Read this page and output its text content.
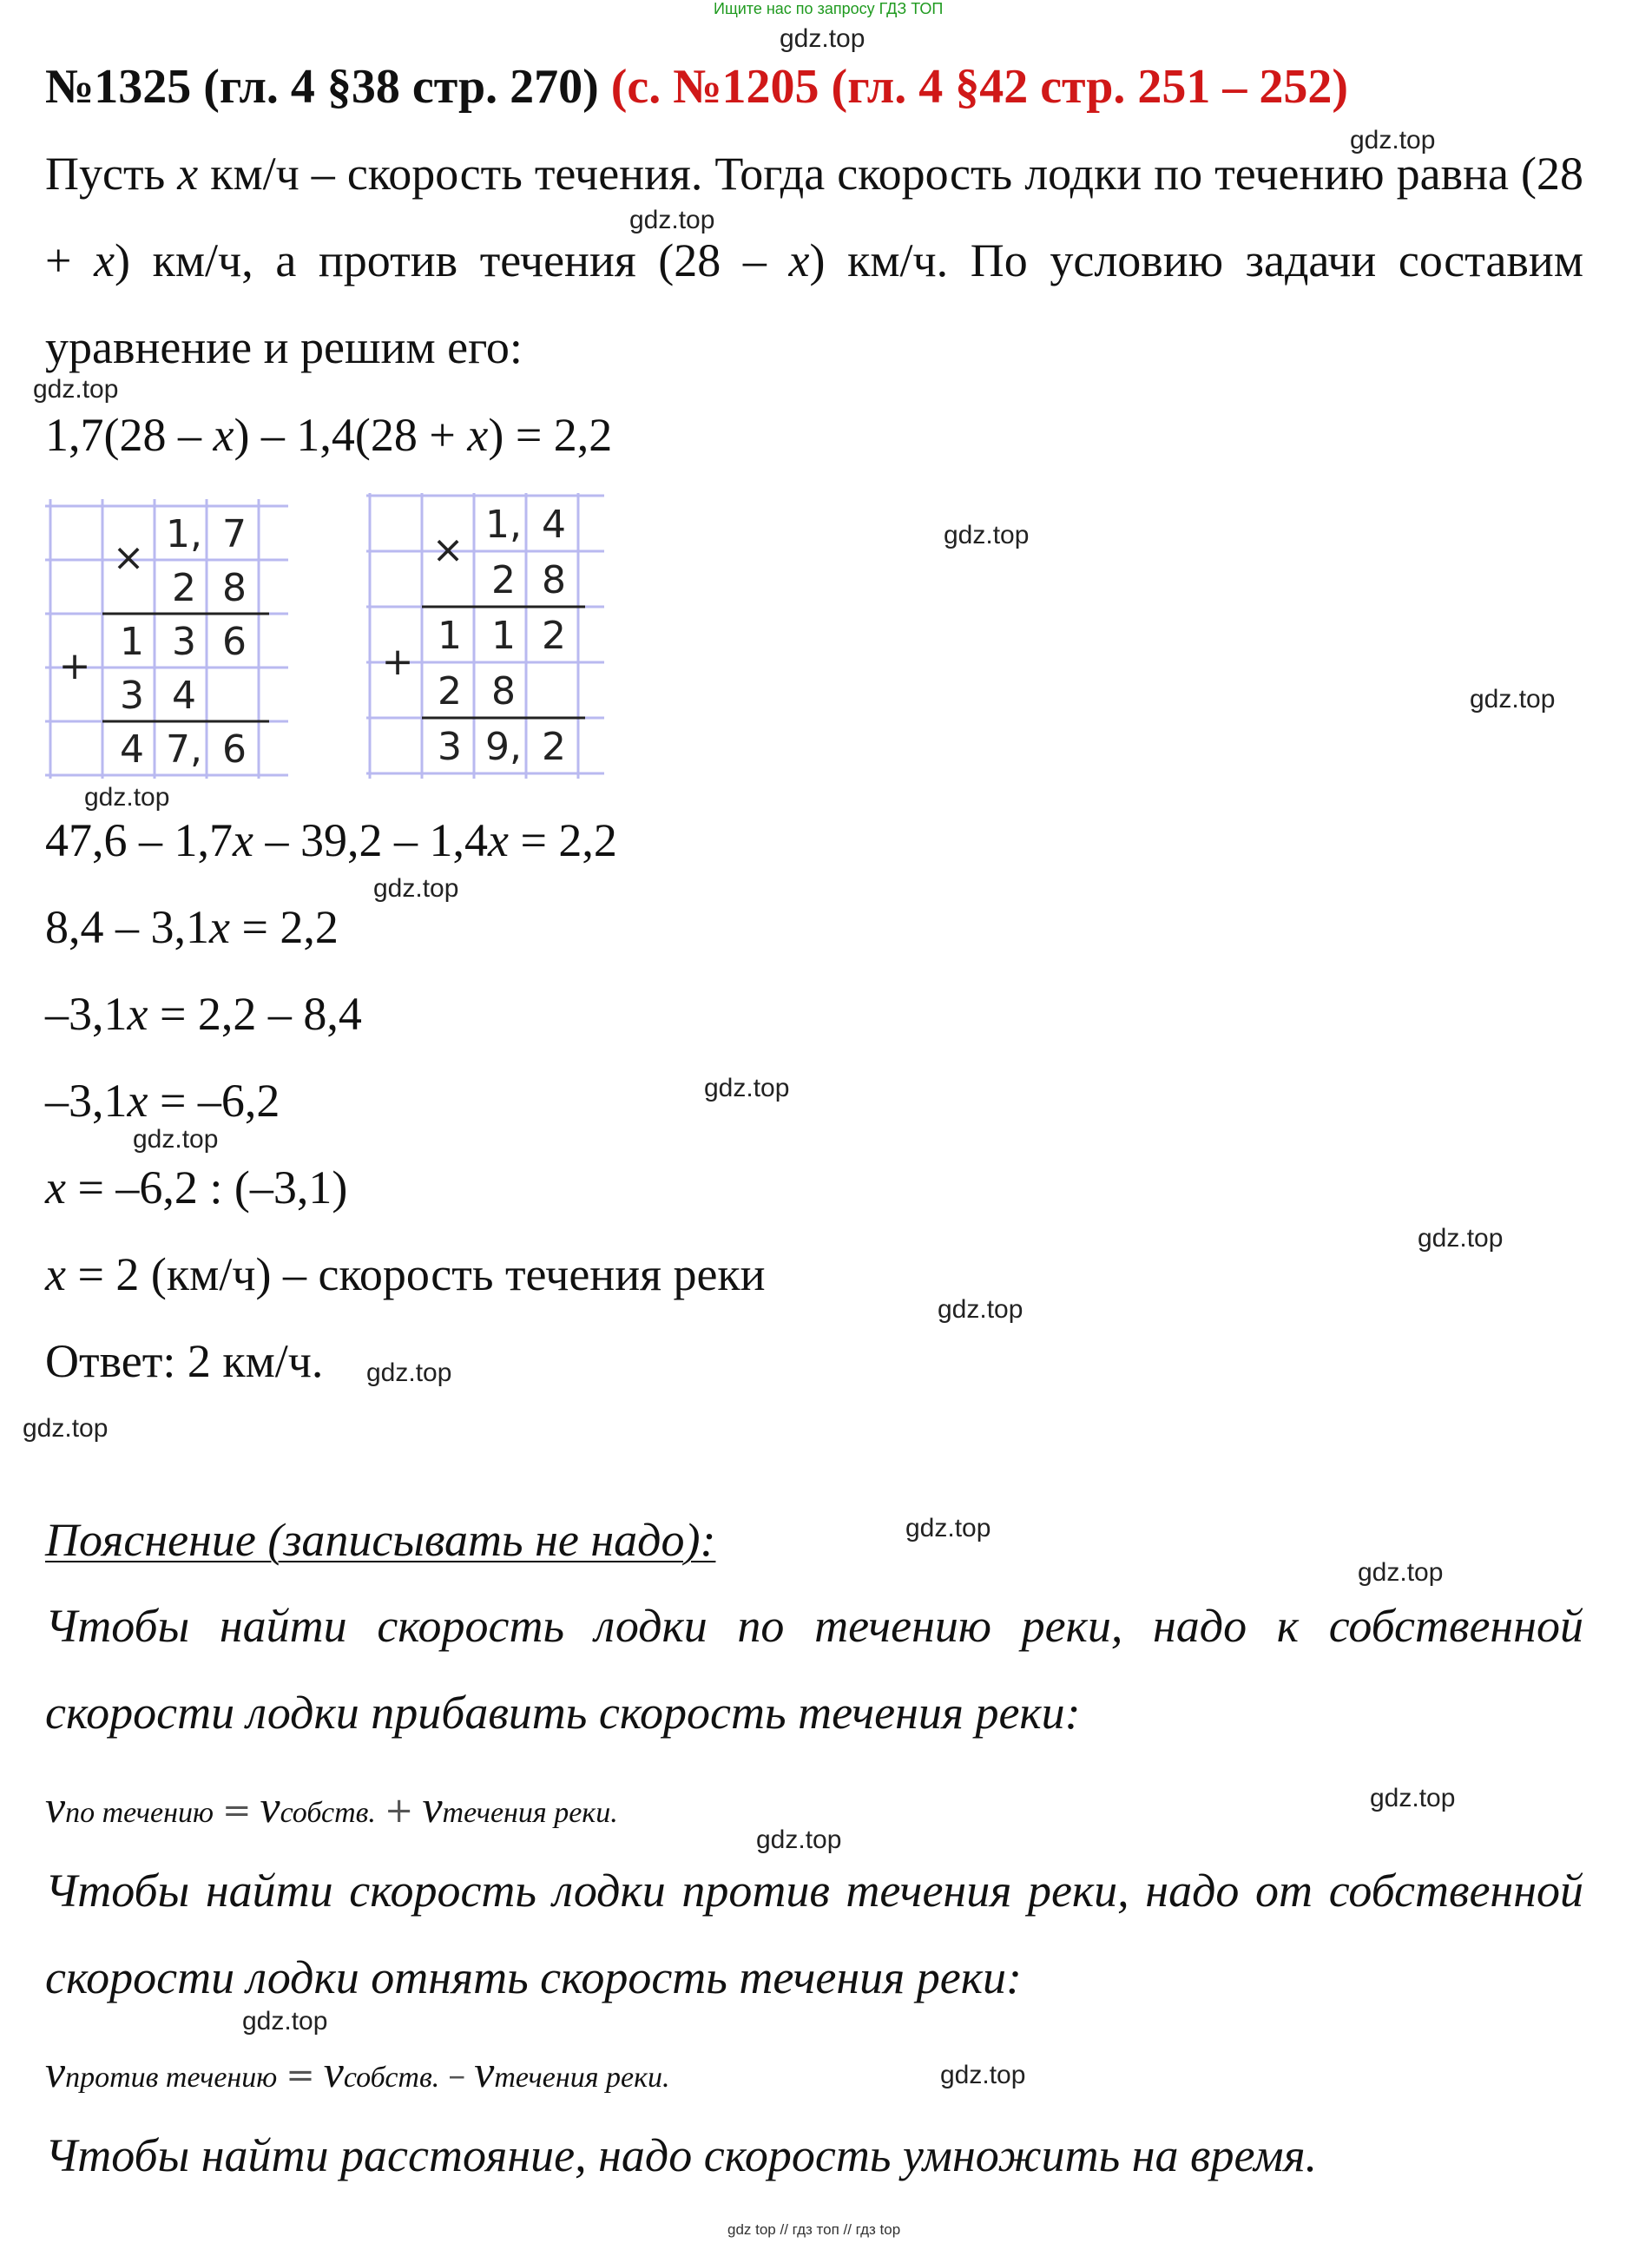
Ищите нас по запросу ГДЗ ТОП
№1325 (гл. 4 §38 стр. 270) (с. №1205 (гл. 4 §42 стр. 251 – 252)
Пусть x км/ч – скорость течения. Тогда скорость лодки по течению равна (28 + x) км/ч, а против течения (28 – x) км/ч. По условию задачи составим уравнение и решим его:
1,7(28 – x) – 1,4(28 + x) = 2,2
×
+
1, 7
2 8
1 3 6
3 4
4 7, 6
×
+
1, 4
2 8
1 1 2
2 8
3 9, 2
47,6 – 1,7x – 39,2 – 1,4x = 2,2
8,4 – 3,1x = 2,2
–3,1x = 2,2 – 8,4
–3,1x = –6,2
x = –6,2 : (–3,1)
x = 2 (км/ч) – скорость течения реки
Ответ: 2 км/ч.
Пояснение (записывать не надо):
Чтобы найти скорость лодки по течению реки, надо к собственной скорости лодки прибавить скорость течения реки:
vпо течению = vсобств. + vтечения реки.
Чтобы найти скорость лодки против течения реки, надо от собственной скорости лодки отнять скорость течения реки:
vпротив течению = vсобств. – vтечения реки.
Чтобы найти расстояние, надо скорость умножить на время.
gdz.top
gdz.top
gdz.top
gdz.top
gdz.top
gdz.top
gdz.top
gdz.top
gdz.top
gdz.top
gdz.top
gdz.top
gdz.top
gdz.top
gdz.top
gdz.top
gdz.top
gdz.top
gdz.top
gdz.top
gdz top // гдз топ // гдз top
